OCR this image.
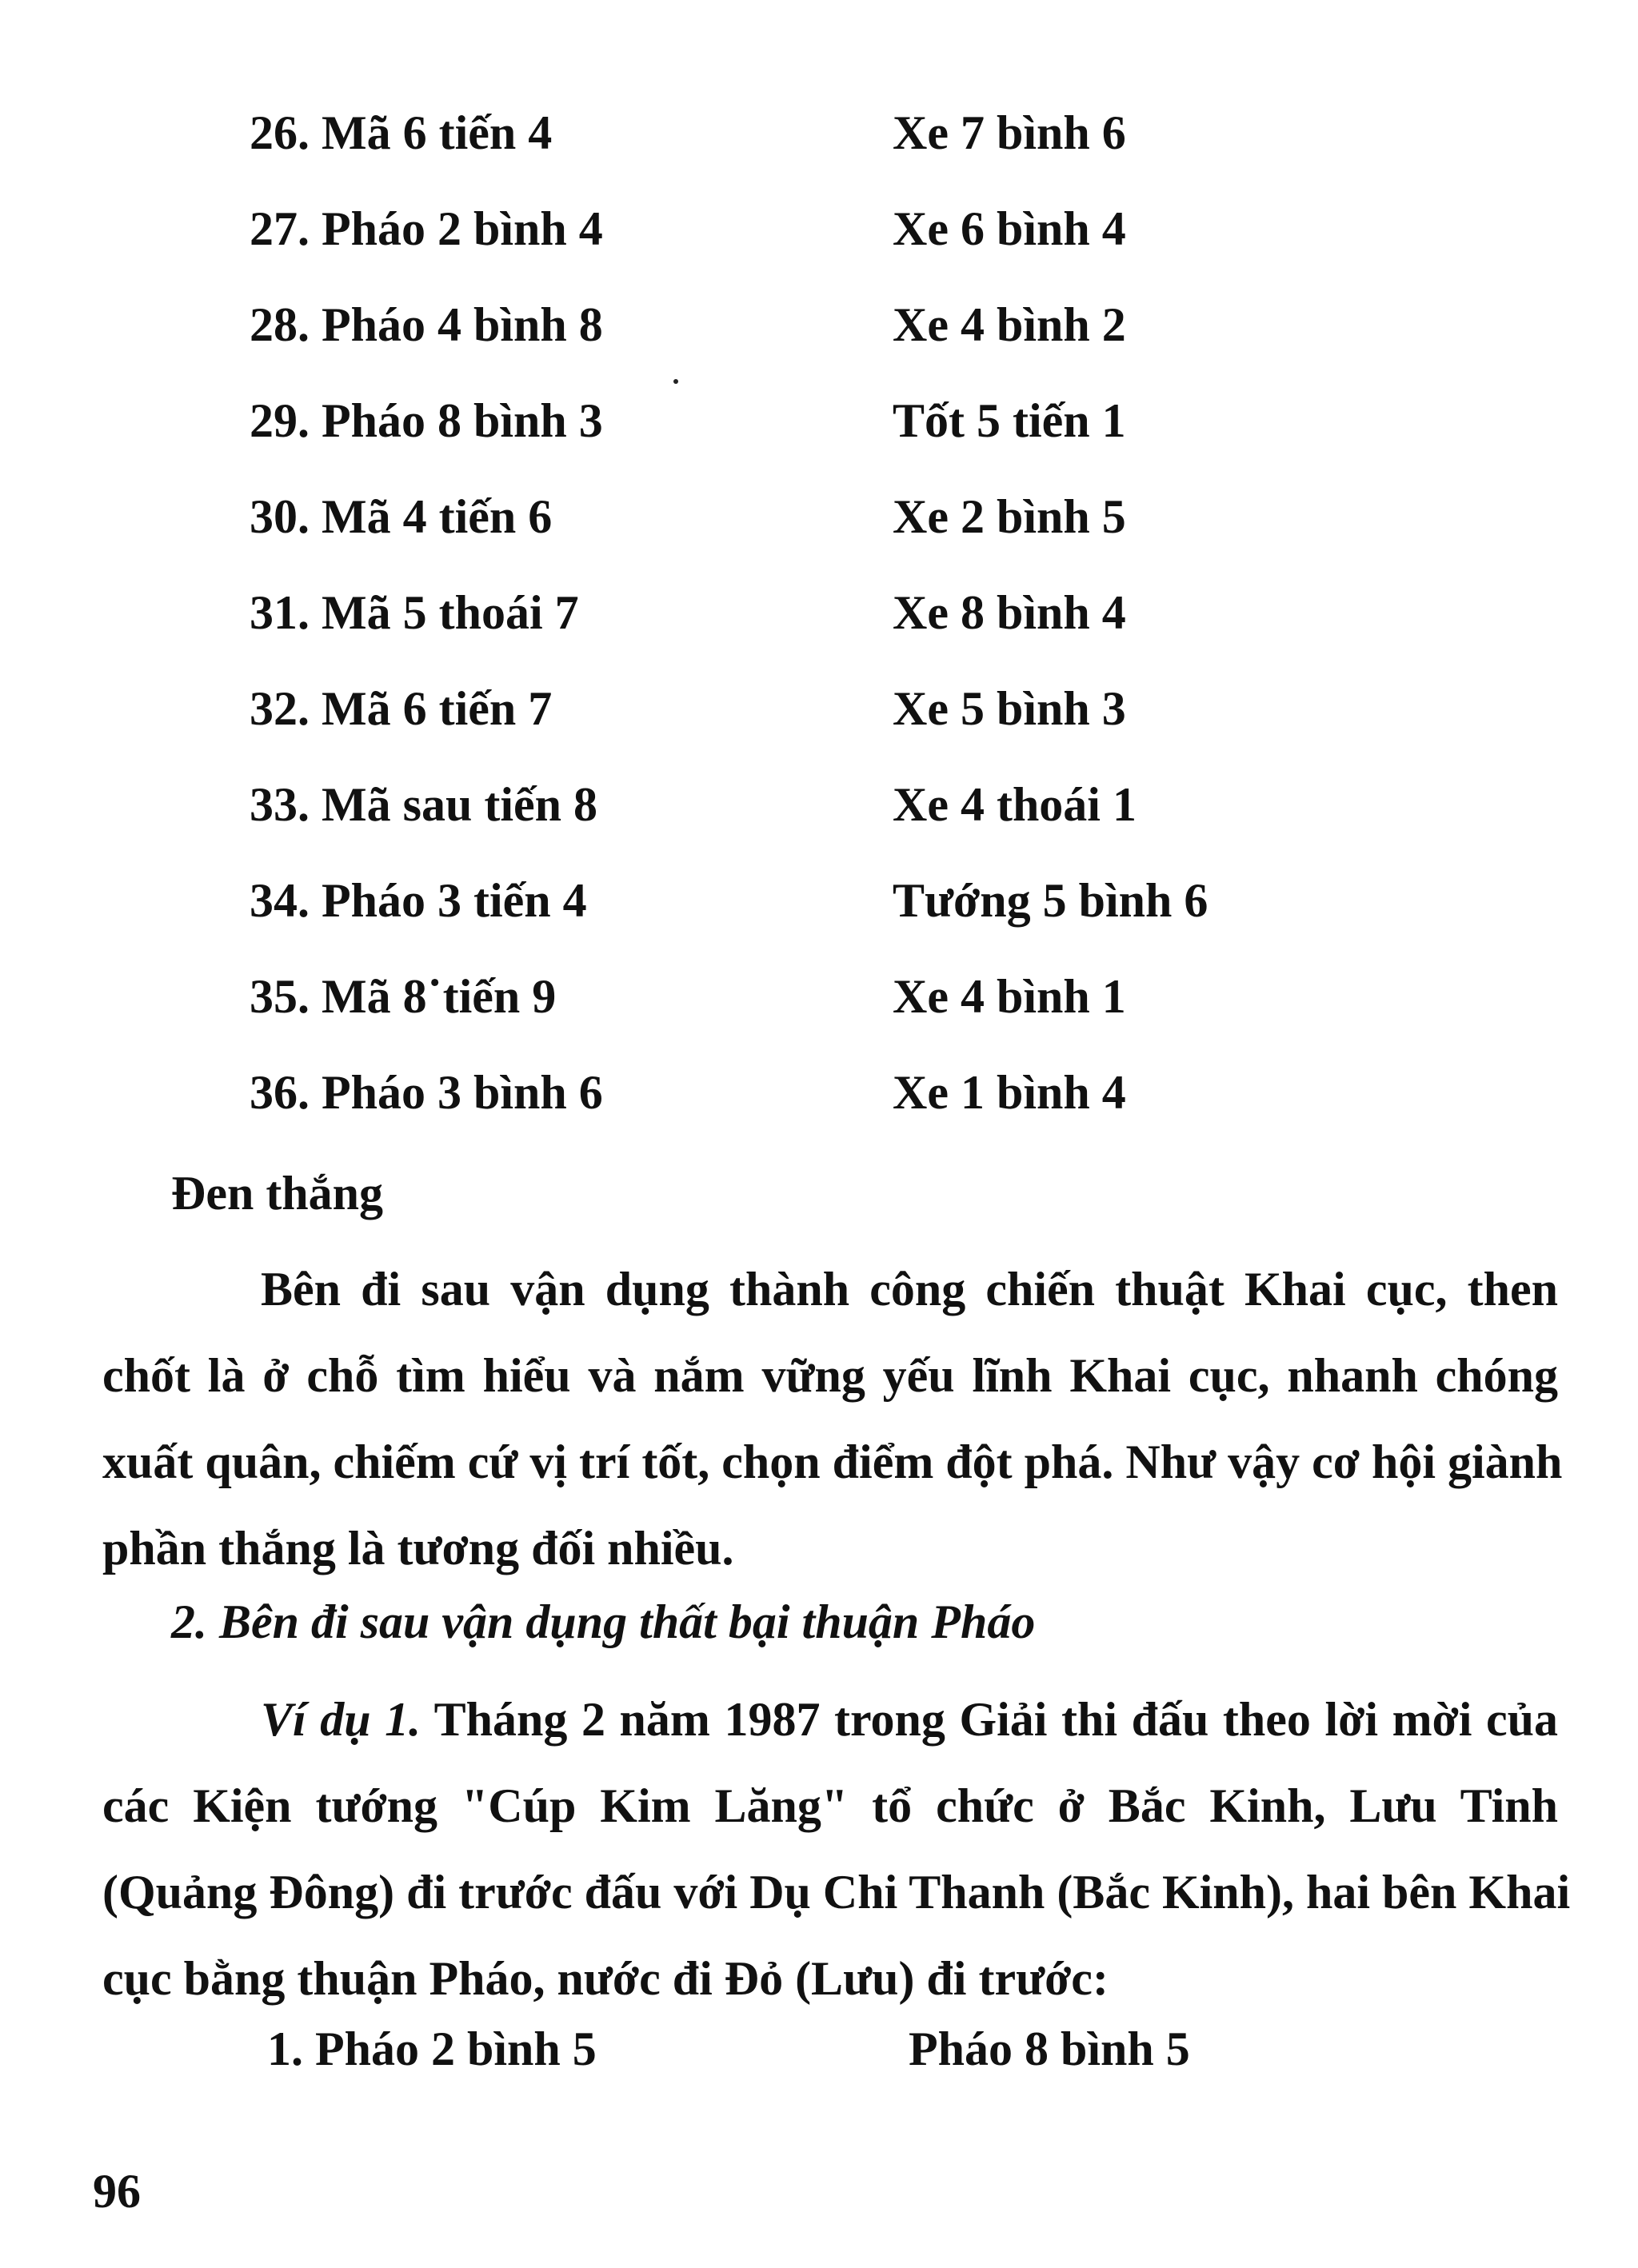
26. Mã 6 tiến 4	Xe 7 bình 6
27. Pháo 2 bình 4	Xe 6 bình 4
28. Pháo 4 bình 8	Xe 4 bình 2
29. Pháo 8 bình 3	Tốt 5 tiến 1
30. Mã 4 tiến 6	Xe 2 bình 5
31. Mã 5 thoái 7	Xe 8 bình 4
32. Mã 6 tiến 7	Xe 5 bình 3
33. Mã sau tiến 8	Xe 4 thoái 1
34. Pháo 3 tiến 4	Tướng 5 bình 6
35. Mã 8˙tiến 9	Xe 4 bình 1
36. Pháo 3 bình 6	Xe 1 bình 4
Đen thắng
Bên đi sau vận dụng thành công chiến thuật Khai cục, then
chốt là ở chỗ tìm hiểu và nắm vững yếu lĩnh Khai cục, nhanh chóng
xuất quân, chiếm cứ vị trí tốt, chọn điểm đột phá. Như vậy cơ hội giành
phần thắng là tương đối nhiều.
2. Bên đi sau vận dụng thất bại thuận Pháo
Ví dụ 1. Tháng 2 năm 1987 trong Giải thi đấu theo lời mời của
các Kiện tướng "Cúp Kim Lăng" tổ chức ở Bắc Kinh, Lưu Tinh
(Quảng Đông) đi trước đấu với Dụ Chi Thanh (Bắc Kinh), hai bên Khai
cục bằng thuận Pháo, nước đi Đỏ (Lưu) đi trước:
1. Pháo 2 bình 5	Pháo 8 bình 5
96
